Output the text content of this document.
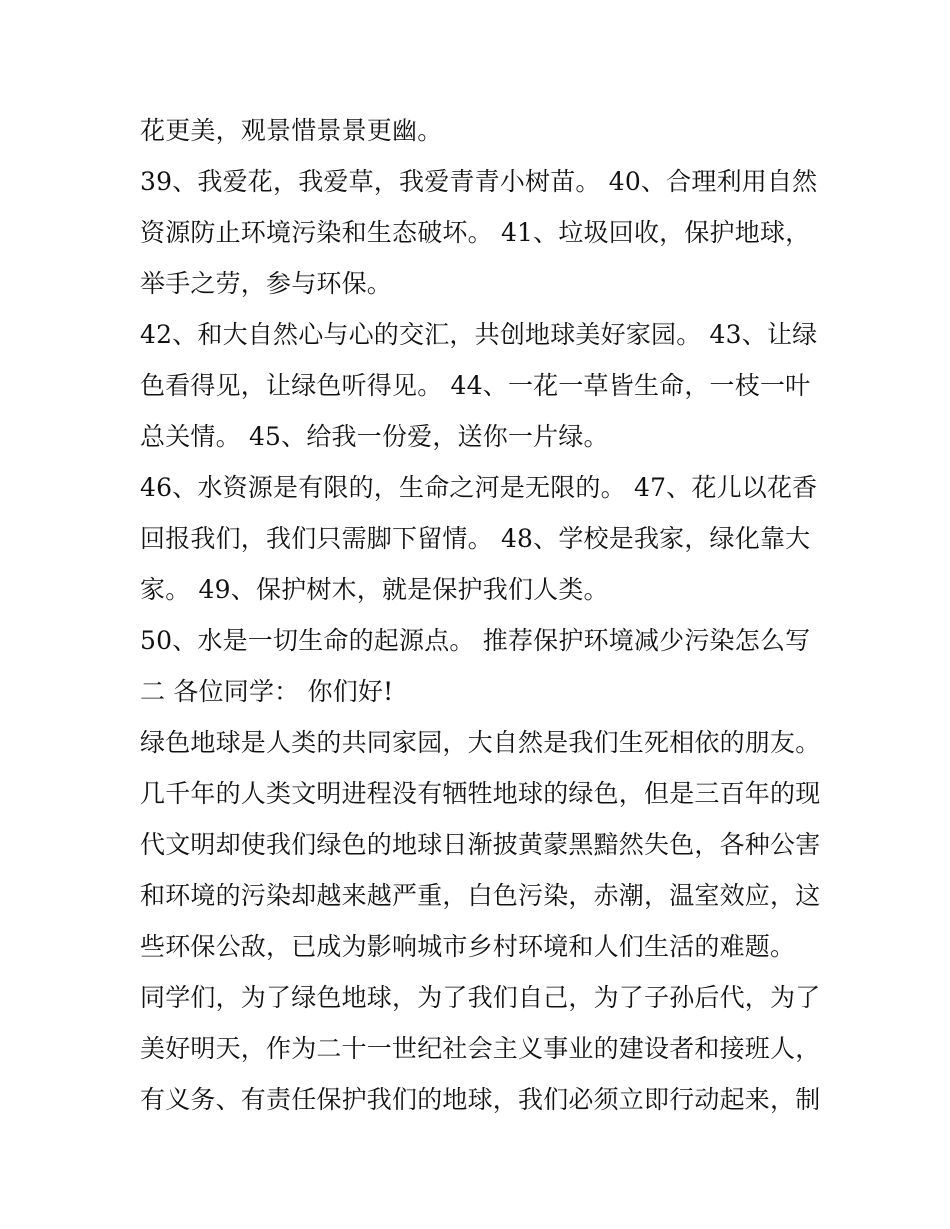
花更美，观景惜景景更幽。
39、我爱花，我爱草，我爱青青小树苗。 40、合理利用自然
资源防止环境污染和生态破坏。 41、垃圾回收，保护地球，
举手之劳，参与环保。
42、和大自然心与心的交汇，共创地球美好家园。 43、让绿
色看得见，让绿色听得见。 44、一花一草皆生命，一枝一叶
总关情。 45、给我一份爱，送你一片绿。
46、水资源是有限的，生命之河是无限的。 47、花儿以花香
回报我们，我们只需脚下留情。 48、学校是我家，绿化靠大
家。 49、保护树木，就是保护我们人类。
50、水是一切生命的起源点。 推荐保护环境减少污染怎么写
二 各位同学： 你们好!
绿色地球是人类的共同家园，大自然是我们生死相依的朋友。
几千年的人类文明进程没有牺牲地球的绿色，但是三百年的现
代文明却使我们绿色的地球日渐披黄蒙黑黯然失色，各种公害
和环境的污染却越来越严重，白色污染，赤潮，温室效应，这
些环保公敌，已成为影响城市乡村环境和人们生活的难题。
同学们，为了绿色地球，为了我们自己，为了子孙后代，为了
美好明天，作为二十一世纪社会主义事业的建设者和接班人，
有义务、有责任保护我们的地球，我们必须立即行动起来，制
